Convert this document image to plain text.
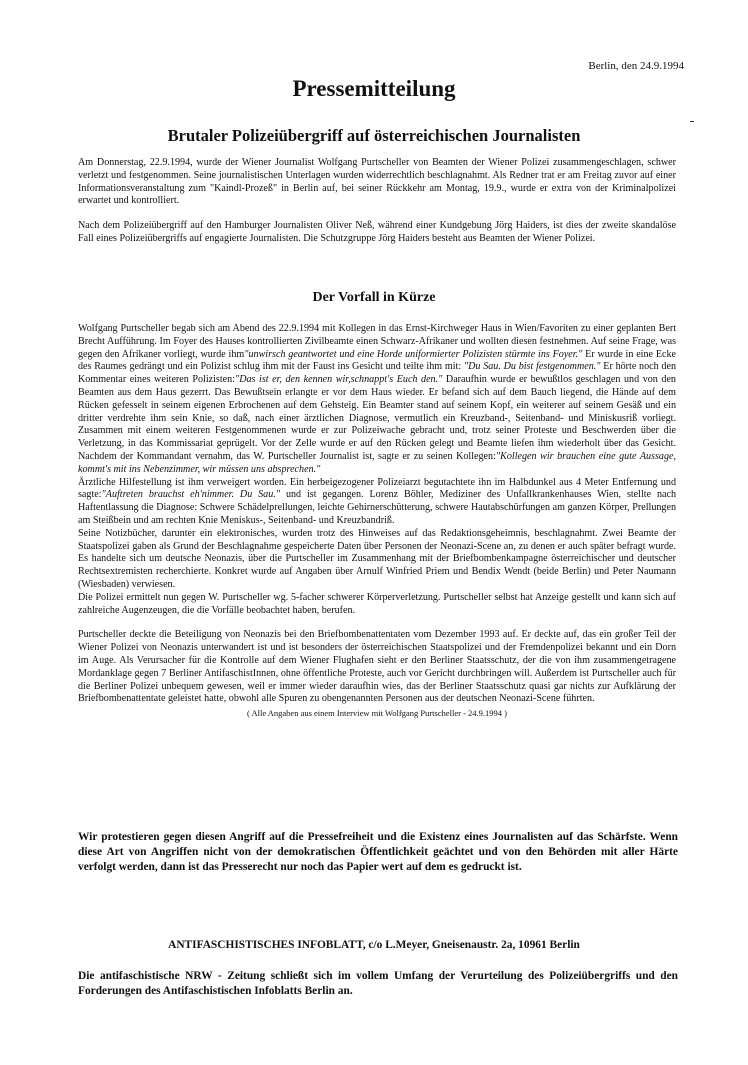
Berlin, den 24.9.1994
Pressemitteilung
Brutaler Polizeiübergriff auf österreichischen Journalisten

Am Donnerstag, 22.9.1994, wurde der Wiener Journalist Wolfgang Purtscheller von Beamten der Wiener Polizei zusammengeschlagen, schwer verletzt und festgenommen. Seine journalistischen Unterlagen wurden widerrechtlich beschlagnahmt. Als Redner trat er am Freitag zuvor auf einer Informationsveranstaltung zum "Kaindl-Prozeß" in Berlin auf, bei seiner Rückkehr am Montag, 19.9., wurde er extra von der Kriminalpolizei erwartet und kontrolliert.

Nach dem Polizeiübergriff auf den Hamburger Journalisten Oliver Neß, während einer Kundgebung Jörg Haiders, ist dies der zweite skandalöse Fall eines Polizeiübergriffs auf engagierte Journalisten. Die Schutzgruppe Jörg Haiders besteht aus Beamten der Wiener Polizei.

Der Vorfall in Kürze

Wolfgang Purtscheller begab sich am Abend des 22.9.1994 mit Kollegen in das Ernst-Kirchweger Haus in Wien/Favoriten zu einer geplanten Bert Brecht Aufführung. Im Foyer des Hauses kontrollierten Zivilbeamte einen Schwarz-Afrikaner und wollten diesen festnehmen. Auf seine Frage, was gegen den Afrikaner vorliegt, wurde ihm"unwirsch geantwortet und eine Horde uniformierter Polizisten stürmte ins Foyer." Er wurde in eine Ecke des Raumes gedrängt und ein Polizist schlug ihm mit der Faust ins Gesicht und teilte ihm mit: "Du Sau. Du bist festgenommen." Er hörte noch den Kommentar eines weiteren Polizisten:"Das ist er, den kennen wir,schnappt's Euch den." Daraufhin wurde er bewußtlos geschlagen und von den Beamten aus dem Haus gezerrt. Das Bewußtsein erlangte er vor dem Haus wieder. Er befand sich auf dem Bauch liegend, die Hände auf dem Rücken gefesselt in seinem eigenen Erbrochenen auf dem Gehsteig. Ein Beamter stand auf seinem Kopf, ein weiterer auf seinem Gesäß und ein dritter verdrehte ihm sein Knie, so daß, nach einer ärztlichen Diagnose, vermutlich ein Kreuzband-, Seitenband- und Miniskusriß vorliegt. Zusammen mit einem weiteren Festgenommenen wurde er zur Polizeiwache gebracht und, trotz seiner Proteste und Beschwerden über die Verletzung, in das Kommissariat geprügelt. Vor der Zelle wurde er auf den Rücken gelegt und Beamte liefen ihm wiederholt über das Gesicht. Nachdem der Kommandant vernahm, das W. Purtscheller Journalist ist, sagte er zu seinen Kollegen:"Kollegen wir brauchen eine gute Aussage, kommt's mit ins Nebenzimmer, wir müssen uns absprechen."

Ärztliche Hilfestellung ist ihm verweigert worden. Ein herbeigezogener Polizeiarzt begutachtete ihn im Halbdunkel aus 4 Meter Entfernung und sagte:"Auftreten brauchst eh'nimmer. Du Sau." und ist gegangen. Lorenz Böhler, Mediziner des Unfallkrankenhauses Wien, stellte nach Haftentlassung die Diagnose: Schwere Schädelprellungen, leichte Gehirnerschütterung, schwere Hautabschürfungen am ganzen Körper, Prellungen am Steißbein und am rechten Knie Meniskus-, Seitenband- und Kreuzbandriß.

Seine Notizbücher, darunter ein elektronisches, wurden trotz des Hinweises auf das Redaktionsgeheimnis, beschlagnahmt. Zwei Beamte der Staatspolizei gaben als Grund der Beschlagnahme gespeicherte Daten über Personen der Neonazi-Scene an, zu denen er auch später befragt wurde. Es handelte sich um deutsche Neonazis, über die Purtscheller im Zusammenhang mit der Briefbombenkampagne österreichischer und deutscher Rechtsextremisten recherchierte. Konkret wurde auf Angaben über Arnulf Winfried Priem und Bendix Wendt (beide Berlin) und Peter Naumann (Wiesbaden) verwiesen.

Die Polizei ermittelt nun gegen W. Purtscheller wg. 5-facher schwerer Körperverletzung. Purtscheller selbst hat Anzeige gestellt und kann sich auf zahlreiche Augenzeugen, die die Vorfälle beobachtet haben, berufen.

Purtscheller deckte die Beteiligung von Neonazis bei den Briefbombenattentaten vom Dezember 1993 auf. Er deckte auf, das ein großer Teil der Wiener Polizei von Neonazis unterwandert ist und ist besonders der österreichischen Staatspolizei und der Fremdenpolizei bekannt und ein Dorn im Auge. Als Verursacher für die Kontrolle auf dem Wiener Flughafen sieht er den Berliner Staatsschutz, der die von ihm zusammengetragene Mordanklage gegen 7 Berliner AntifaschistInnen, ohne öffentliche Proteste, auch vor Gericht durchbringen will. Außerdem ist Purtscheller auch für die Berliner Polizei unbequem gewesen, weil er immer wieder daraufhin wies, das der Berliner Staatsschutz quasi gar nichts zur Aufklärung der Briefbombenattentate geleistet hatte, obwohl alle Spuren zu obengenannten Personen aus der deutschen Neonazi-Scene führten.

( Alle Angaben aus einem Interview mit Wolfgang Purtscheller - 24.9.1994 )
Wir protestieren gegen diesen Angriff auf die Pressefreiheit und die Existenz eines Journalisten auf das Schärfste. Wenn diese Art von Angriffen nicht von der demokratischen Öffentlichkeit geächtet und von den Behörden mit aller Härte verfolgt werden, dann ist das Presserecht nur noch das Papier wert auf dem es gedruckt ist.
ANTIFASCHISTISCHES INFOBLATT, c/o L.Meyer, Gneisenaustr. 2a, 10961 Berlin
Die antifaschistische NRW - Zeitung schließt sich im vollem Umfang der Verurteilung des Polizeiübergriffs und den Forderungen des Antifaschistischen Infoblatts Berlin an.
